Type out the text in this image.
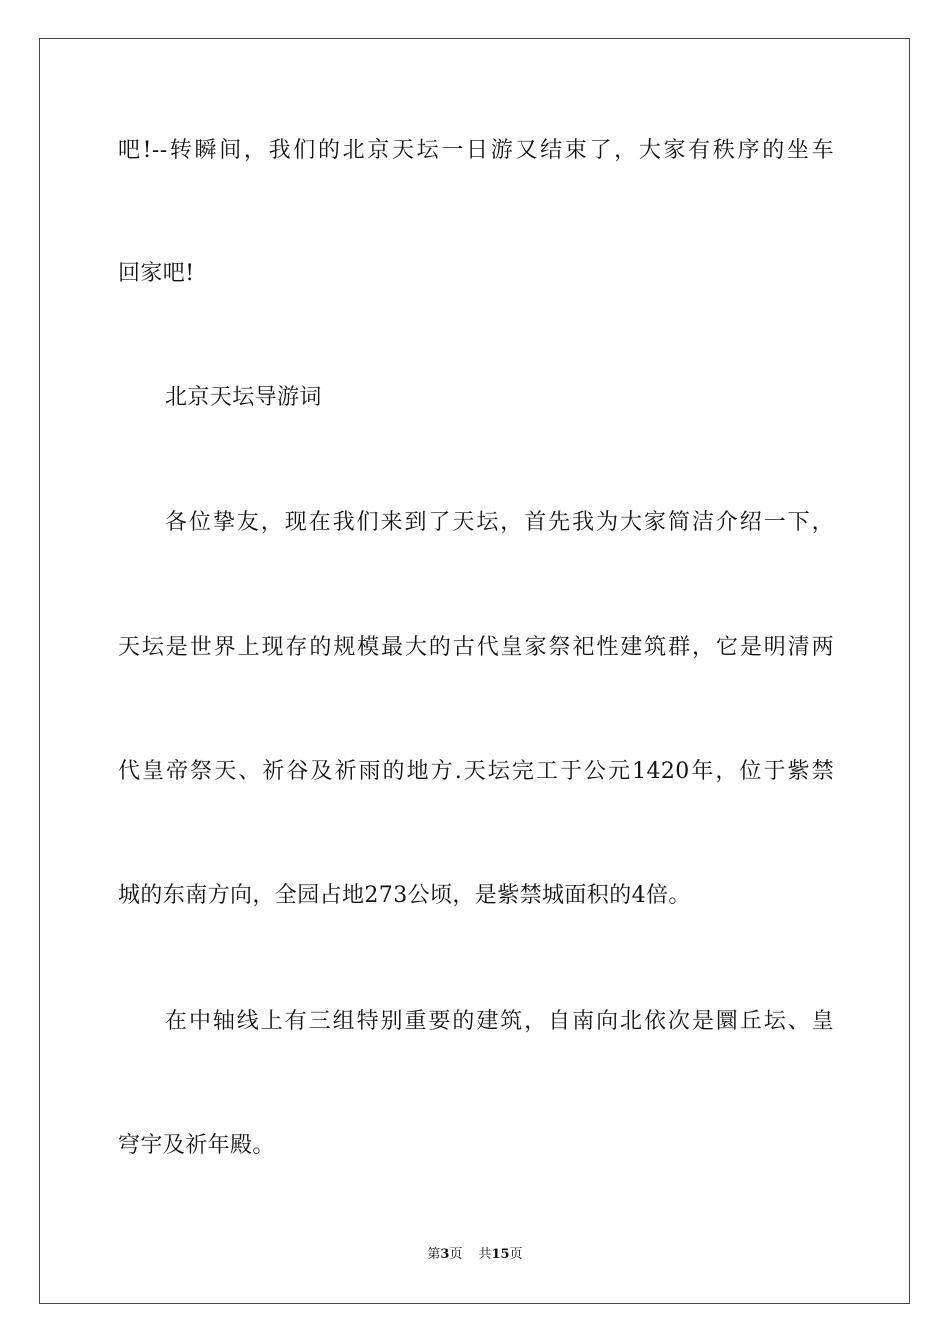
吧!--转瞬间，我们的北京天坛一日游又结束了，大家有秩序的坐车
回家吧!
北京天坛导游词
各位挚友，现在我们来到了天坛，首先我为大家简洁介绍一下，
天坛是世界上现存的规模最大的古代皇家祭祀性建筑群，它是明清两
代皇帝祭天、祈谷及祈雨的地方.天坛完工于公元1420年，位于紫禁
城的东南方向，全园占地273公顷，是紫禁城面积的4倍。
在中轴线上有三组特别重要的建筑，自南向北依次是圜丘坛、皇
穹宇及祈年殿。
第3页 共15页
